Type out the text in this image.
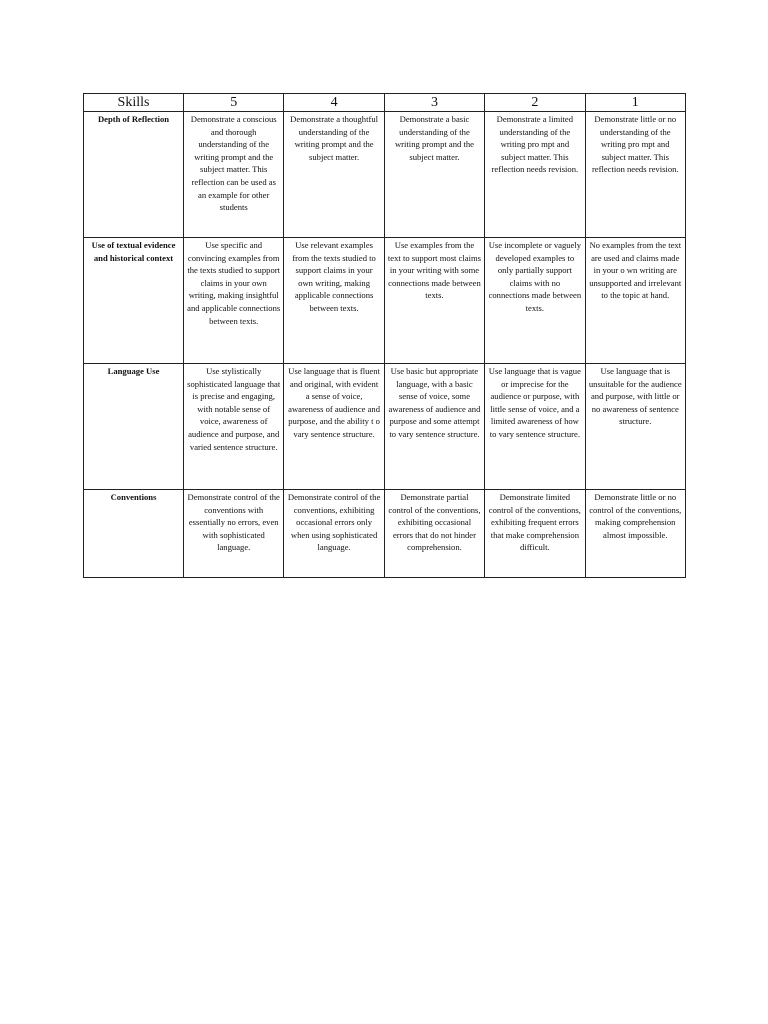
Skills	5	4	3	2	1
Depth of Reflection	Demonstrate a conscious and thorough understanding of the writing prompt and the subject matter. This reflection can be used as an example for other students	Demonstrate a thoughtful understanding of the writing prompt and the subject matter.	Demonstrate a basic understanding of the writing prompt and the subject matter.	Demonstrate a limited understanding of the writing pro mpt and subject matter. This reflection needs revision.	Demonstrate little or no understanding of the writing pro mpt and subject matter. This reflection needs revision.
Use of textual evidence and historical context	Use specific and convincing examples from the texts studied to support claims in your own writing, making insightful and applicable connections between texts.	Use relevant examples from the texts studied to support claims in your own writing, making applicable connections between texts.	Use examples from the text to support most claims in your writing with some connections made between texts.	Use incomplete or vaguely developed examples to only partially support claims with no connections made between texts.	No examples from the text are used and claims made in your o wn writing are unsupported and irrelevant to the topic at hand.
Language Use	Use stylistically sophisticated language that is precise and engaging, with notable sense of voice, awareness of audience and purpose, and varied sentence structure.	Use language that is fluent and original, with evident a sense of voice, awareness of audience and purpose, and the ability t o vary sentence structure.	Use basic but appropriate language, with a basic sense of voice, some awareness of audience and purpose and some attempt to vary sentence structure.	Use language that is vague or imprecise for the audience or purpose, with little sense of voice, and a limited awareness of how to vary sentence structure.	Use language that is unsuitable for the audience and purpose, with little or no awareness of sentence structure.
Conventions	Demonstrate control of the conventions with essentially no errors, even with sophisticated language.	Demonstrate control of the conventions, exhibiting occasional errors only when using sophisticated language.	Demonstrate partial control of the conventions, exhibiting occasional errors that do not hinder comprehension.	Demonstrate limited control of the conventions, exhibiting frequent errors that make comprehension difficult.	Demonstrate little or no control of the conventions, making comprehension almost impossible.
